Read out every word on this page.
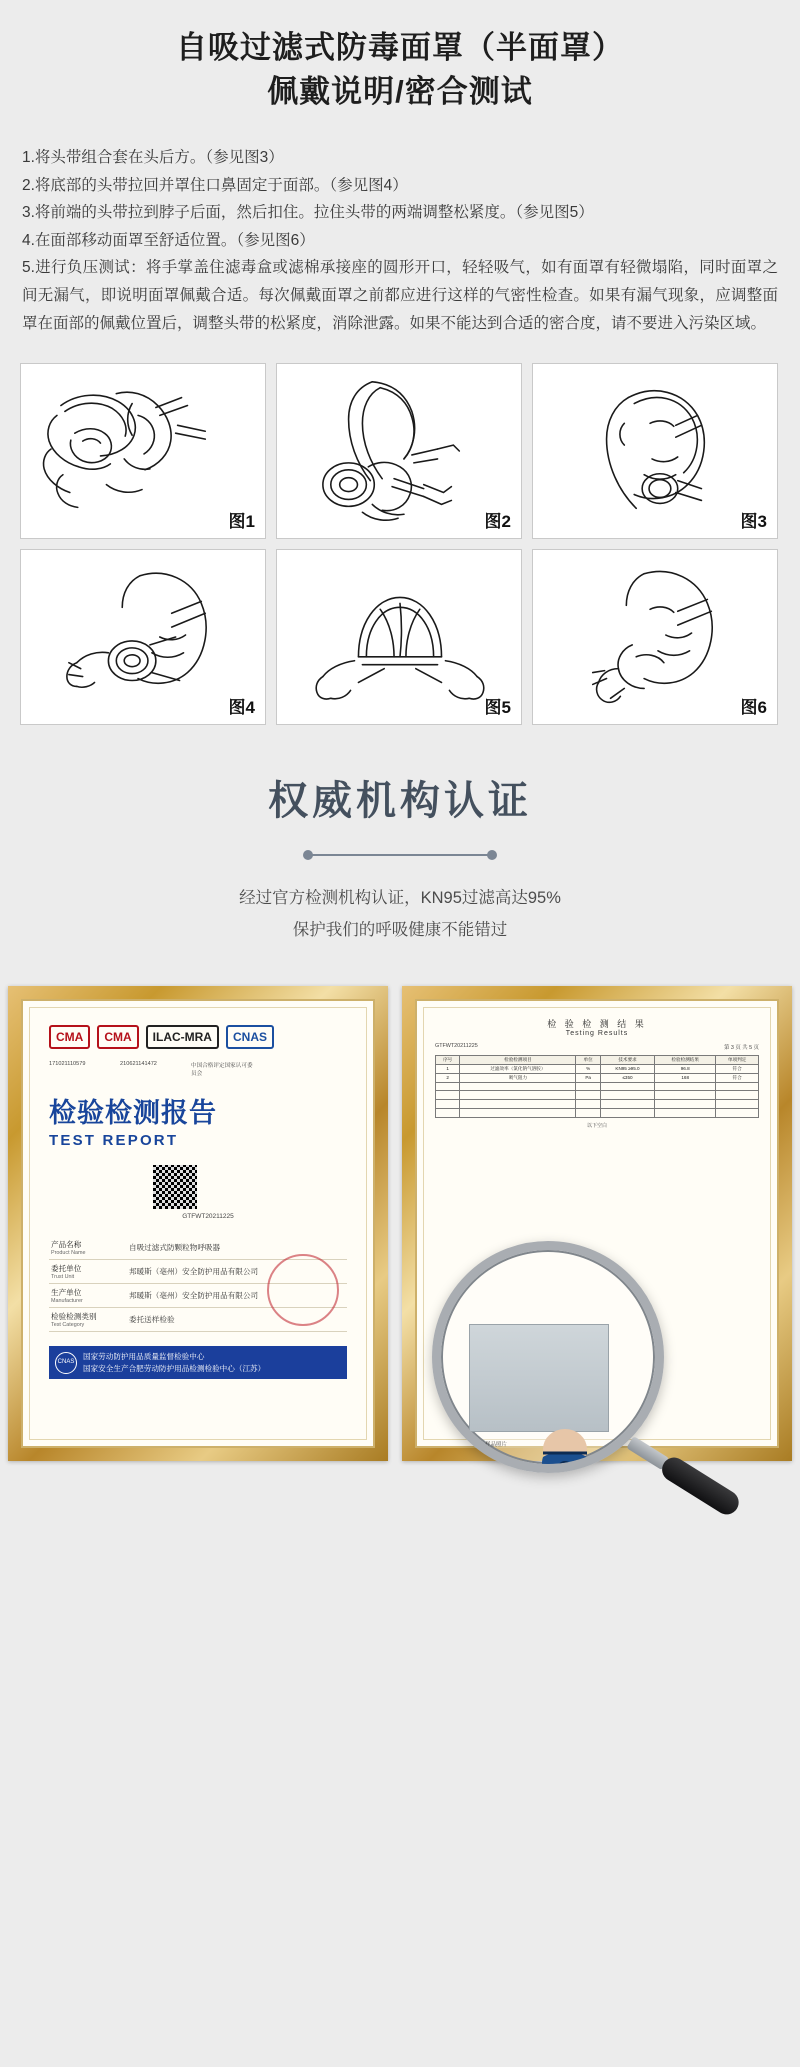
自吸过滤式防毒面罩（半面罩）
佩戴说明/密合测试

1.将头带组合套在头后方。（参见图3）

2.将底部的头带拉回并罩住口鼻固定于面部。（参见图4）

3.将前端的头带拉到脖子后面，然后扣住。拉住头带的两端调整松紧度。（参见图5）

4.在面部移动面罩至舒适位置。（参见图6）

5.进行负压测试：将手掌盖住滤毒盒或滤棉承接座的圆形开口，轻轻吸气，如有面罩有轻微塌陷，同时面罩之间无漏气，即说明面罩佩戴合适。每次佩戴面罩之前都应进行这样的气密性检查。如果有漏气现象，应调整面罩在面部的佩戴位置后，调整头带的松紧度，消除泄露。如果不能达到合适的密合度，请不要进入污染区域。

图1	图2	图3
图4	图5	图6
权威机构认证

经过官方检测机构认证，KN95过滤高达95%

保护我们的呼吸健康不能错过

CMA	CMA	ILAC-MRA	CNAS
171021110579	210621141472	中国合格评定国家认可委员会
检验检测报告
TEST REPORT
GTFWT20211225
产品名称
Product Name	自吸过滤式防颗粒物呼吸器
委托单位
Trust Unit	邦暖斯（亳州）安全防护用品有限公司
生产单位
Manufacturer	邦暖斯（亳州）安全防护用品有限公司
检验检测类别
Test Category	委托送样检验
CNAS
国家劳动防护用品质量监督检验中心
国家安全生产合肥劳动防护用品检测检验中心（江苏）
检 验 检 测 结 果
Testing Results
GTFWT20211225	第 3 页 共 5 页
序号	检验检测项目	单位	技术要求	检验检测结果	单项判定
1	过滤效率（氯化钠气溶胶）	%	KN95 ≥95.0	96.8	符合
2	吸气阻力	Pa	≤350	168	符合

以下空白
样品照片
